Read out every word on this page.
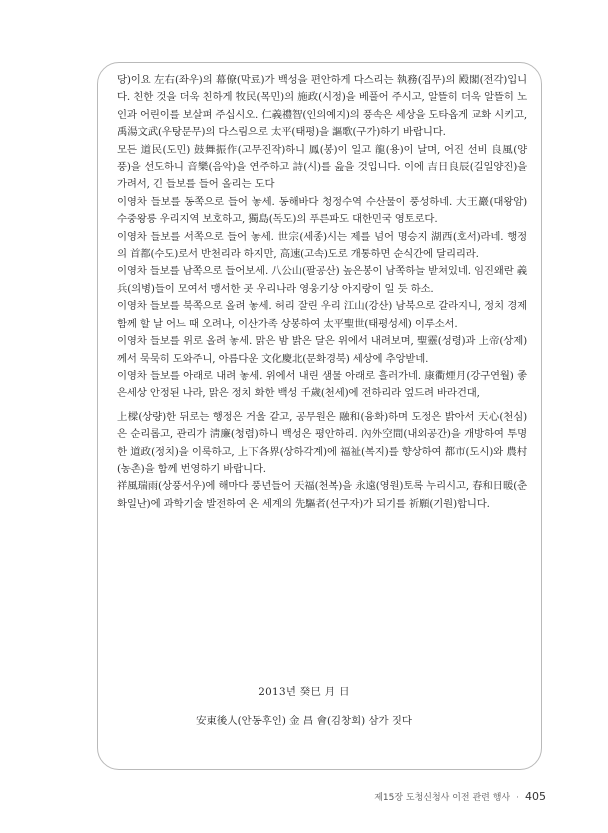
당)이요 左右(좌우)의 幕僚(막료)가 백성을 편안하게 다스리는 執務(집무)의 殿閣(전각)입니다. 친한 것을 더욱 친하게 牧民(목민)의 施政(시정)을 베풀어 주시고, 알뜰히 더욱 알뜰히 노인과 어린이를 보살펴 주십시오. 仁義禮智(인의예지)의 풍속은 세상을 도타옵게 교화 시키고, 禹湯文武(우탕문무)의 다스림으로 太平(태평)을 謳歌(구가)하기 바랍니다.

모든 道民(도민) 鼓舞振作(고무진작)하니 鳳(봉)이 일고 龍(용)이 날며, 어진 선비 良風(양풍)을 선도하니 音樂(음악)을 연주하고 詩(시)를 읊을 것입니다. 이에 吉日良辰(길일양진)을 가려서, 긴 들보를 들어 올리는 도다

이영차 들보를 동쪽으로 들어 놓세. 동해바다 청정수역 수산물이 풍성하네. 大王巖(대왕암) 수중왕릉 우리지역 보호하고, 獨島(독도)의 푸른파도 대한민국 영토로다.

이영차 들보를 서쪽으로 들어 놓세. 世宗(세종)시는 제를 넘어 명승지 湖西(호서)라네. 행정의 首都(수도)로서 반천리라 하지만, 高速(고속)도로 개통하면 순식간에 달리리라.

이영차 들보를 남쪽으로 들어보세. 八公山(팔공산) 높은봉이 남쪽하늘 받쳐있네. 임진왜란 義兵(의병)들이 모여서 맹서한 곳 우리나라 영웅기상 아지랑이 일 듯 하소.

이영차 들보를 북쪽으로 올려 놓세. 허리 잘린 우리 江山(강산) 남북으로 갈라지니, 정치 경제 함께 할 날 어느 때 오려나, 이산가족 상봉하여 太平聖世(태평성세) 이루소서.

이영차 들보를 위로 올려 놓세. 맑은 밤 밝은 달은 위에서 내려보며, 聖靈(성령)과 上帝(상제)께서 묵묵히 도와주니, 아름다운 文化慶北(문화경북) 세상에 추앙받네.

이영차 들보를 아래로 내려 놓세. 위에서 내린 샘물 아래로 흘러가네. 康衢煙月(강구연월) 좋은세상 안정된 나라, 맑은 정치 화한 백성 千歲(천세)에 전하리라 엎드려 바라건대,

上樑(상량)한 뒤로는 행정은 거울 같고, 공무원은 融和(융화)하며 도정은 밝아서 天心(천심)은 순리롭고, 관리가 淸廉(청렴)하니 백성은 평안하리. 內外空間(내외공간)을 개방하여 투명한 道政(정치)을 이룩하고, 上下各界(상하각계)에 福祉(복지)를 향상하여 都市(도시)와 農村(농촌)을 함께 번영하기 바랍니다.

祥風瑞雨(상풍서우)에 해마다 풍년들어 天福(천복)을 永遠(영원)토록 누리시고, 春和日暖(춘화일난)에 과학기술 발전하여 온 세계의 先驅者(선구자)가 되기를 祈願(기원)합니다.

2013년 癸巳 月 日
安東後人(안동후인) 金 昌 會(김창회) 삼가 짓다
제15장 도청신청사 이전 관련 행사 · 405
